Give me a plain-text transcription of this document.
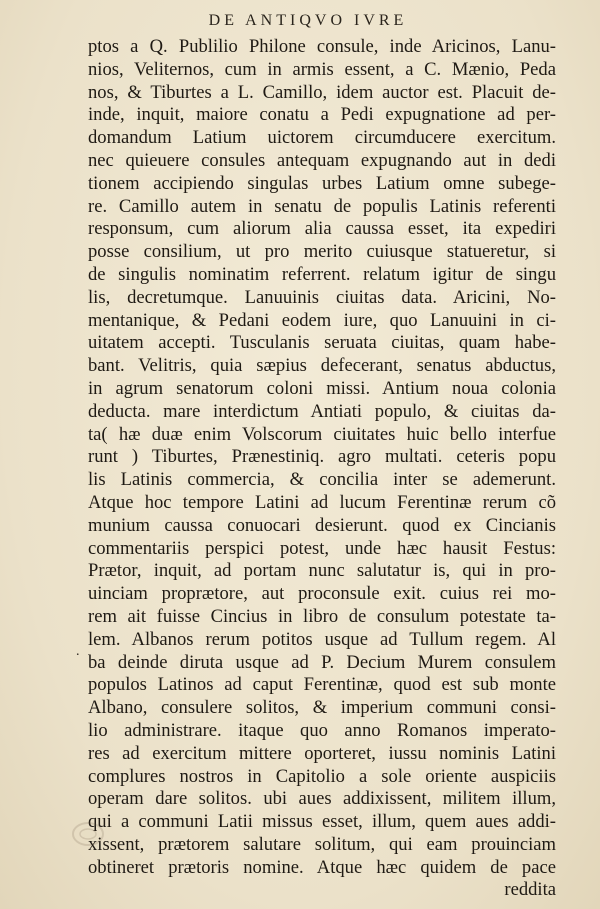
DE ANTIQVO IVRE
.
ptos a Q. Publilio Philone consule, inde Aricinos, Lanu-
nios, Veliternos, cum in armis essent, a C. Mænio, Peda
nos, & Tiburtes a L. Camillo, idem auctor est. Placuit de-
inde, inquit, maiore conatu a Pedi expugnatione ad per-
domandum Latium uictorem circumducere exercitum.
nec quieuere consules antequam expugnando aut in dedi
tionem accipiendo singulas urbes Latium omne subege-
re. Camillo autem in senatu de populis Latinis referenti
responsum, cum aliorum alia caussa esset, ita expediri
posse consilium, ut pro merito cuiusque statueretur, si
de singulis nominatim referrent. relatum igitur de singu
lis, decretumque. Lanuuinis ciuitas data. Aricini, No-
mentanique, & Pedani eodem iure, quo Lanuuini in ci-
uitatem accepti. Tusculanis seruata ciuitas, quam habe-
bant. Velitris, quia sæpius defecerant, senatus abductus,
in agrum senatorum coloni missi. Antium noua colonia
deducta. mare interdictum Antiati populo, & ciuitas da-
ta( hæ duæ enim Volscorum ciuitates huic bello interfue
runt ) Tiburtes, Prænestiniq. agro multati. ceteris popu
lis Latinis commercia, & concilia inter se ademerunt.
Atque hoc tempore Latini ad lucum Ferentinæ rerum cõ
munium caussa conuocari desierunt. quod ex Cincianis
commentariis perspici potest, unde hæc hausit Festus:
Prætor, inquit, ad portam nunc salutatur is, qui in pro-
uinciam proprætore, aut proconsule exit. cuius rei mo-
rem ait fuisse Cincius in libro de consulum potestate ta-
lem. Albanos rerum potitos usque ad Tullum regem. Al
ba deinde diruta usque ad P. Decium Murem consulem
populos Latinos ad caput Ferentinæ, quod est sub monte
Albano, consulere solitos, & imperium communi consi-
lio administrare. itaque quo anno Romanos imperato-
res ad exercitum mittere oporteret, iussu nominis Latini
complures nostros in Capitolio a sole oriente auspiciis
operam dare solitos. ubi aues addixissent, militem illum,
qui a communi Latii missus esset, illum, quem aues addi-
xissent, prætorem salutare solitum, qui eam prouinciam
obtineret prætoris nomine. Atque hæc quidem de pace
reddita
